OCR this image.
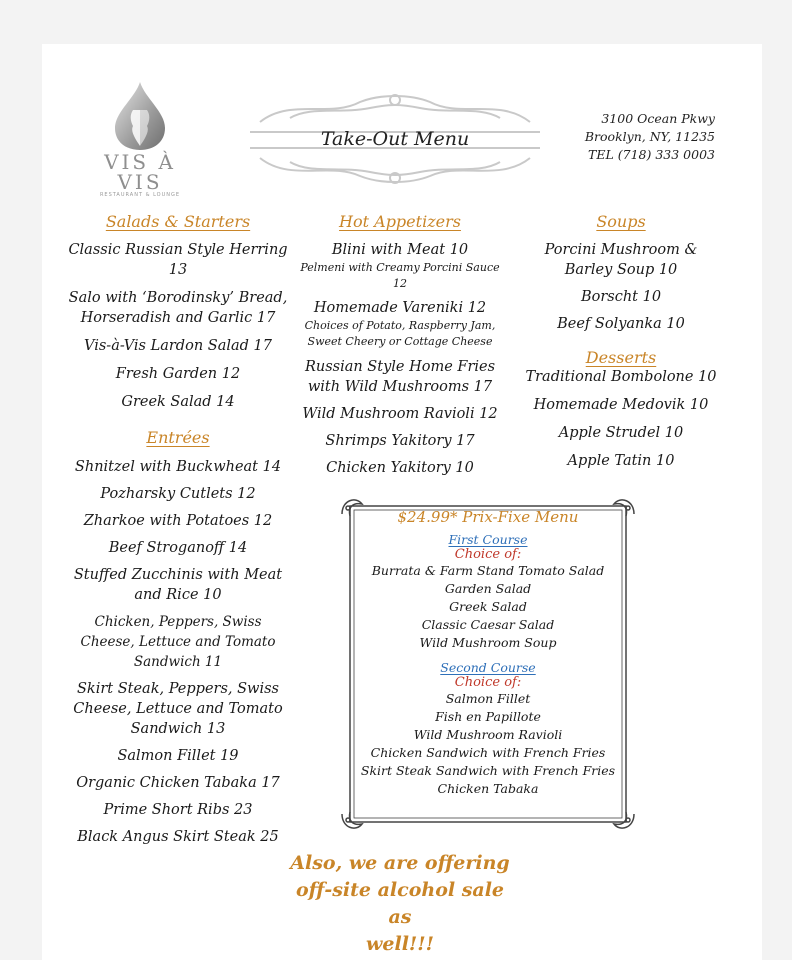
VIS À VIS
RESTAURANT & LOUNGE
Take-Out Menu
3100 Ocean Pkwy
Brooklyn, NY, 11235
TEL (718) 333 0003
Salads & Starters
Classic Russian Style Herring 13
Salo with ‘Borodinsky’ Bread, Horseradish and Garlic 17
Vis-à-Vis Lardon Salad 17
Fresh Garden 12
Greek Salad 14
Entrées
Shnitzel with Buckwheat 14
Pozharsky Cutlets 12
Zharkoe with Potatoes 12
Beef Stroganoff 14
Stuffed Zucchinis with Meat and Rice 10
Chicken, Peppers, Swiss Cheese, Lettuce and Tomato Sandwich 11
Skirt Steak, Peppers, Swiss Cheese, Lettuce and Tomato Sandwich 13
Salmon Fillet 19
Organic Chicken Tabaka 17
Prime Short Ribs 23
Black Angus Skirt Steak 25
Hot Appetizers
Blini with Meat 10
Pelmeni with Creamy Porcini Sauce 12
Homemade Vareniki 12
Choices of Potato, Raspberry Jam,
Sweet Cheery or Cottage Cheese
Russian Style Home Fries with Wild Mushrooms 17
Wild Mushroom Ravioli 12
Shrimps Yakitory 17
Chicken Yakitory 10
Soups
Porcini Mushroom & Barley Soup 10
Borscht 10
Beef Solyanka 10
Desserts
Traditional Bombolone 10
Homemade Medovik 10
Apple Strudel 10
Apple Tatin 10
$24.99* Prix-Fixe Menu
First Course
Choice of:
Burrata & Farm Stand Tomato Salad
Garden Salad
Greek Salad
Classic Caesar Salad
Wild Mushroom Soup
Second Course
Choice of:
Salmon Fillet
Fish en Papillote
Wild Mushroom Ravioli
Chicken Sandwich with French Fries
Skirt Steak Sandwich with French Fries
Chicken Tabaka
Also, we are offering
off-site alcohol sale as
well!!!
